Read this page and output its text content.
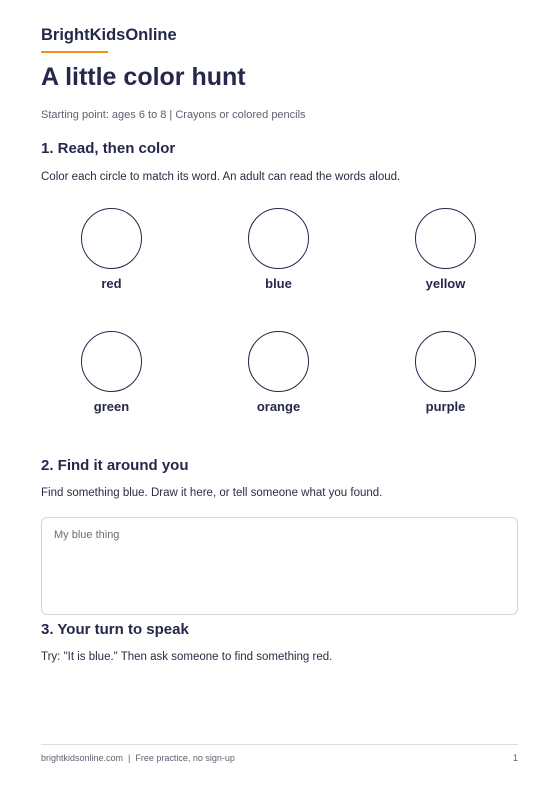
BrightKidsOnline
A little color hunt
Starting point: ages 6 to 8 | Crayons or colored pencils
1. Read, then color

Color each circle to match its word. An adult can read the words aloud.

red	blue	yellow
green	orange	purple
2. Find it around you

Find something blue. Draw it here, or tell someone what you found.

My blue thing
3. Your turn to speak

Try: "It is blue." Then ask someone to find something red.

brightkidsonline.com  |  Free practice, no sign-up	1
